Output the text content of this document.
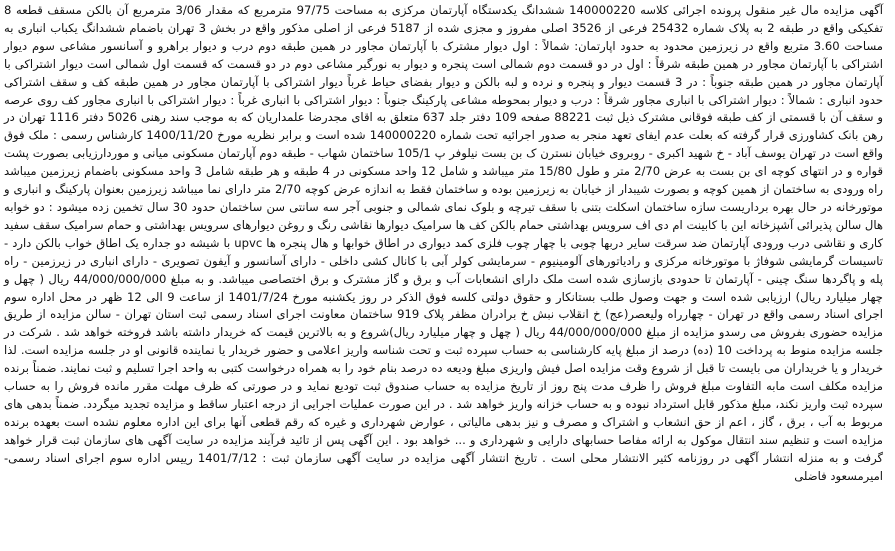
آگهی مزایده مال غیر منقول پرونده اجرائی کلاسه 140000220 ششدانگ یکدستگاه آپارتمان مرکزی به مساحت 97/75 مترمربع که مقدار 3/06 مترمربع آن بالکن مسقف قطعه 8 تفکیکی واقع در طبقه 2 به پلاک شماره 25432 فرعی از 3526 اصلی مفروز و مجزی شده از 5187 فرعی از اصلی مذکور واقع در بخش 3 تهران باضمام ششدانگ یکباب انباری به مساحت 3.60 متربع واقع در زیرزمین محدود به حدود اپارتمان: شمالاً : اول دیوار مشترک با آپارتمان مجاور در همین طبقه دوم درب و دیوار براهرو و آسانسور مشاعی سوم دیوار اشتراکی با آپارتمان مجاور در همین طبقه شرقاً : اول در دو قسمت دوم شمالی است پنجره و دیوار به نورگیر مشاعی دوم در دو قسمت که قسمت اول شمالی است دیوار اشتراکی با آپارتمان مجاور در همین طبقه جنوباً : در 3 قسمت دیوار و پنجره و نرده و لبه بالکن و دیوار بفضای حیاط غرباً دیوار اشتراکی با آپارتمان مجاور در همین طبقه کف و سقف اشتراکی حدود انباری : شمالاً : دیوار اشتراکی با انباری مجاور شرقاً : درب و دیوار بمحوطه مشاعی پارکینگ جنوباً : دیوار اشتراکی با انباری غرباً : دیوار اشتراکی با انباری مجاور کف روی عرصه و سقف آن با قسمتی از کف طبقه فوقانی مشترک ذیل ثبت 88221 صفحه 109 دفتر جلد 637 متعلق به اقای مجدرضا علمداریان که به موجب سند رهنی 5026 دفتر 1116 تهران در رهن بانک کشاورزی قرار گرفته که بعلت عدم ایفای تعهد منجر به صدور اجرائیه تحت شماره 140000220 شده است و برابر نظریه مورخ 1400/11/20 کارشناس رسمی : ملک فوق واقع است در تهران یوسف آباد - خ شهید اکبری - روبروی خیابان نسترن ک بن بست نیلوفر پ 105/1 ساختمان شهاب - طبقه دوم آپارتمان مسکونی میانی و موردارزیابی بصورت پشت قواره و در انتهای کوچه ای بن بست به عرض 2/70 متر و طول 15/80 متر میباشد و شامل 12 واحد مسکونی در 4 طبقه و هر طبقه شامل 3 واحد مسکونی باضمام زیرزمین میباشد راه ورودی به ساختمان از همین کوچه و بصورت شیبدار از خیابان به زیرزمین بوده و ساختمان فقط به اندازه عرض کوچه 2/70 متر دارای نما میباشد زیرزمین بعنوان پارکینگ و انباری و موتورخانه در حال بهره برداریست سازه ساختمان اسکلت بتنی با سقف تیرچه و بلوک نمای شمالی و جنوبی آجر سه سانتی سن ساختمان حدود 30 سال تخمین زده میشود : دو خوابه هال سالن پذیرائی آشپزخانه این با کابینت ام دی اف سرویس بهداشتی حمام بالکن کف ها سرامیک دیوارها نقاشی رنگ و روغن دیوارهای سرویس بهداشتی و حمام سرامیک سقف سفید کاری و نقاشی درب ورودی آپارتمان ضد سرقت سایر دربها چوبی با چهار چوب فلزی کمد دیواری در اطاق خوابها و هال پنجره ها upvc با شیشه دو جداره یک اطاق خواب بالکن دارد - تاسیسات گرمایشی شوفاژ با موتورخانه مرکزی و رادیاتورهای آلومینیوم - سرمایشی کولر آبی با کانال کشی داخلی - دارای آسانسور و آیفون تصویری - دارای انباری در زیرزمین - راه پله و پاگردها سنگ چینی - آپارتمان تا حدودی بازسازی شده است ملک دارای انشعابات آب و برق و گاز مشترک و برق اختصاصی میباشد. و به مبلغ 44/000/000/000 ریال ( چهل و چهار میلیارد ریال) ارزیابی شده است و جهت وصول طلب بستانکار و حقوق دولتی کلسه فوق الذکر در روز یکشنبه مورخ 1401/7/24 از ساعت 9 الی 12 ظهر در محل اداره سوم اجرای اسناد رسمی واقع در تهران - چهارراه ولیعصر(عج) خ انقلاب نبش خ برادران مظفر پلاک 919 ساختمان معاونت اجرای اسناد رسمی ثبت استان تهران - سالن مزایده از طریق مزایده حضوری بفروش می رسدو مزایده از مبلغ 44/000/000/000 ریال ( چهل و چهار میلیارد ریال)شروع و به بالاترین قیمت که خریدار داشته باشد فروخته خواهد شد . شرکت در جلسه مزایده منوط به پرداخت 10 (ده) درصد از مبلغ پایه کارشناسی به حساب سپرده ثبت و تحت شناسه واریز اعلامی و حضور خریدار یا نماینده قانونی او در جلسه مزایده است. لذا خریدار و یا خریداران می بایست تا قبل از شروع وقت مزایده اصل فیش واریزی مبلغ ودیعه ده درصد بنام خود را به همراه درخواست کتبی به واحد اجرا تسلیم و ثبت نمایند. ضمناً برنده مزایده مکلف است مابه التفاوت مبلغ فروش را ظرف مدت پنج روز از تاریخ مزایده به حساب صندوق ثبت تودیع نماید و در صورتی که ظرف مهلت مقرر مانده فروش را به حساب سپرده ثبت واریز نکند، مبلغ مذکور قابل استرداد نبوده و به حساب خزانه واریز خواهد شد . در این صورت عملیات اجرایی از درجه اعتبار ساقط و مزایده تجدید میگردد. ضمناً بدهی های مربوط به آب ، برق ، گاز ، اعم از حق انشعاب و اشتراک و مصرف و نیز بدهی مالیاتی ، عوارض شهرداری و غیره که رقم قطعی آنها برای این اداره معلوم نشده است بعهده برنده مزایده است و تنظیم سند انتقال موکول به ارائه مفاصا حسابهای دارایی و شهرداری و ... خواهد بود . این آگهی پس از تائید فرآیند مزایده در سایت آگهی های سازمان ثبت قرار خواهد گرفت و به منزله انتشار آگهی در روزنامه کثیر الانتشار محلی است . تاریخ انتشار آگهی مزایده در سایت آگهی سازمان ثبت : 1401/7/12 رییس اداره سوم اجرای اسناد رسمی- امیرمسعود فاضلی
